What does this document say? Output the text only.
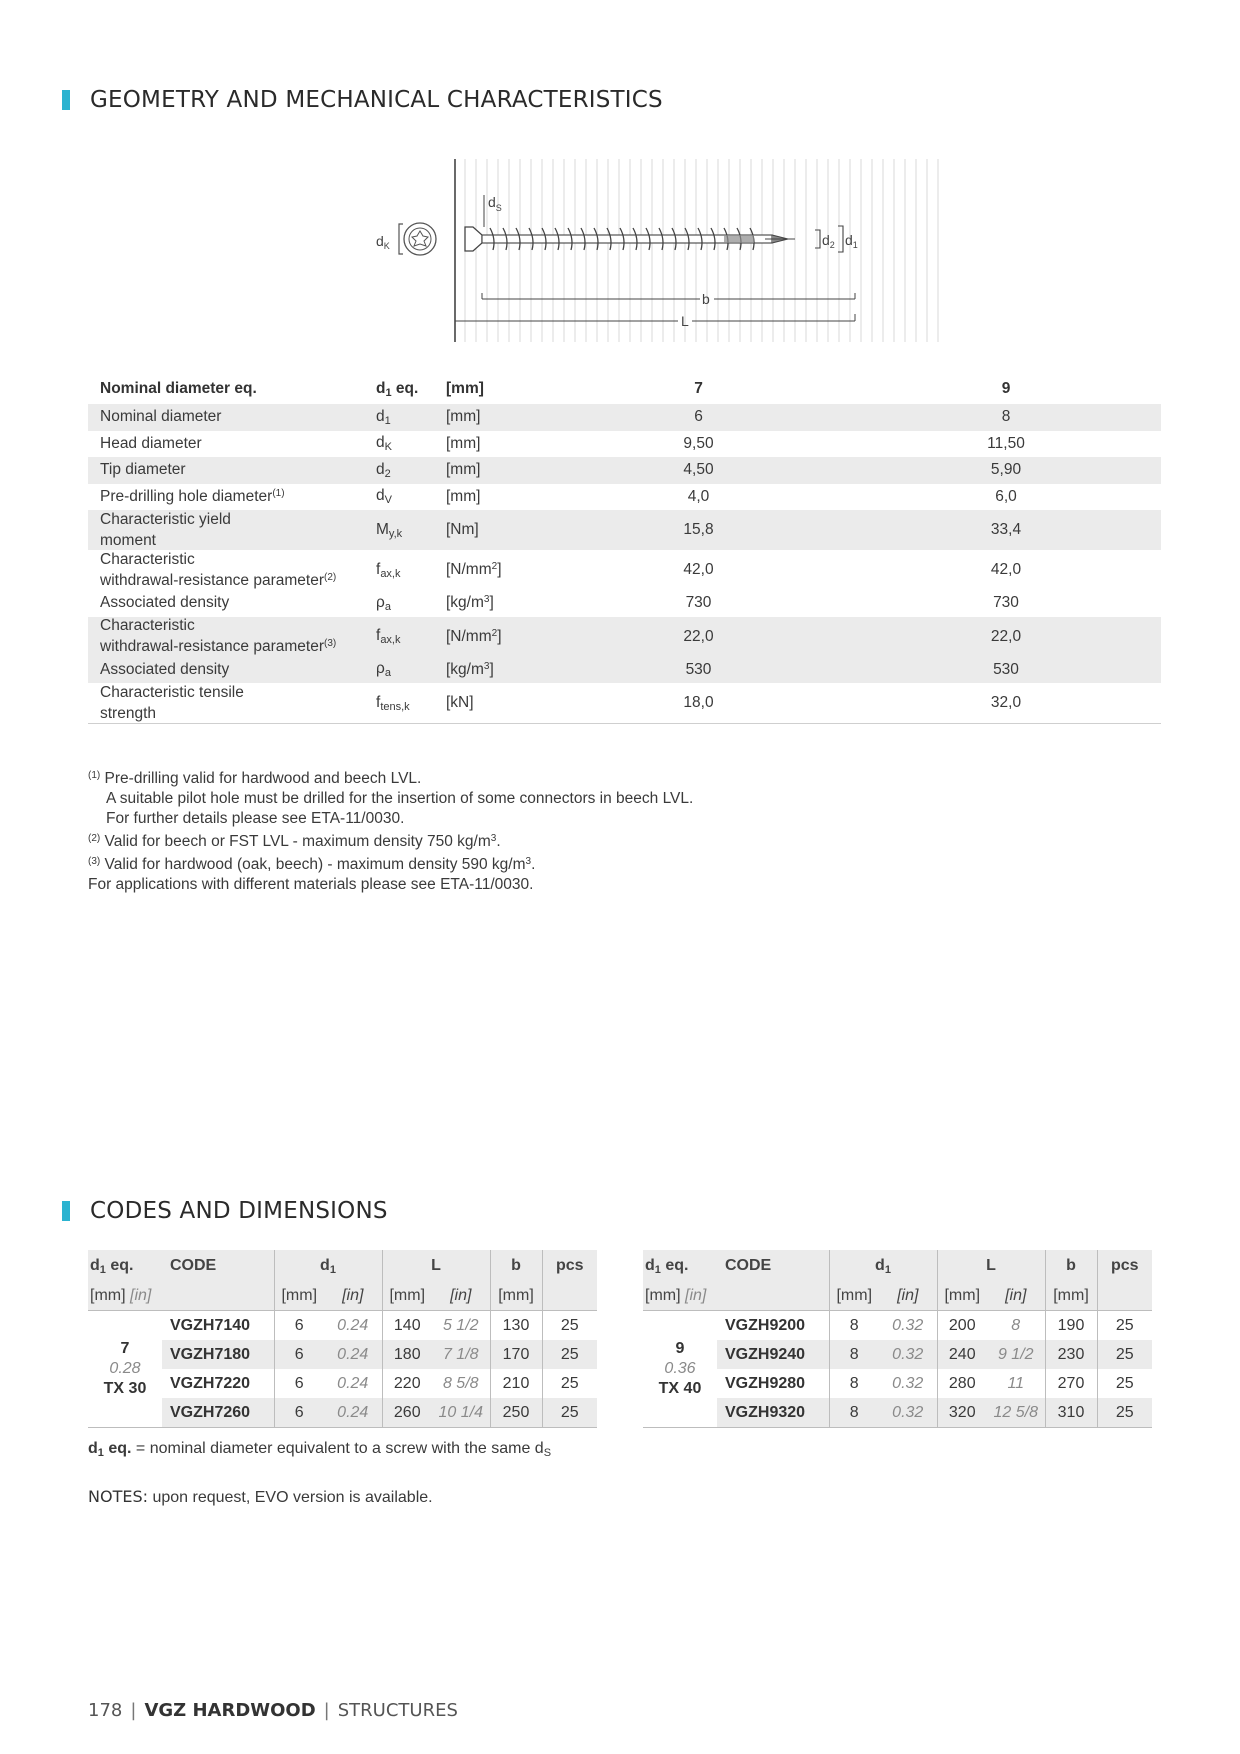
GEOMETRY AND MECHANICAL CHARACTERISTICS
$d_K$
$d_S$
$d_2$ $d_1$
b
L
Nominal diameter eq.	$d_1$ eq.	[mm]	7	9
Nominal diameter	$d_1$	[mm]	6	8
Head diameter	$d_K$	[mm]	9,50	11,50
Tip diameter	$d_2$	[mm]	4,50	5,90
Pre-drilling hole diameter$^{(1)}$	$d_V$	[mm]	4,0	6,0
Characteristic yield
moment	$M_{y,k}$	[Nm]	15,8	33,4
Characteristic
withdrawal-resistance parameter$^{(2)}$	$f_{ax,k}$	$[N/mm^2]$	42,0	42,0
Associated density	$\rho_a$	$[kg/m^3]$	730	730
Characteristic
withdrawal-resistance parameter$^{(3)}$	$f_{ax,k}$	$[N/mm^2]$	22,0	22,0
Associated density	$\rho_a$	$[kg/m^3]$	530	530
Characteristic tensile
strength	$f_{tens,k}$	[kN]	18,0	32,0
$^{(1)}$ Pre-drilling valid for hardwood and beech LVL.
A suitable pilot hole must be drilled for the insertion of some connectors in beech LVL.
For further details please see ETA-11/0030.
$^{(2)}$ Valid for beech or FST LVL - maximum density 750 $kg/m^3$.
$^{(3)}$ Valid for hardwood (oak, beech) - maximum density 590 $kg/m^3$.
For applications with different materials please see ETA-11/0030.
CODES AND DIMENSIONS
$d_1$ eq.	CODE	$d_1$		L		b	pcs
[mm] [in]		[mm]	[in]	[mm]	[in]	[mm]	

7
0.28
TX 30	VGZH7140	6	0.24	140	5 1/2	130	25
	VGZH7180	6	0.24	180	7 1/8	170	25
	VGZH7220	6	0.24	220	8 5/8	210	25
	VGZH7260	6	0.24	260	10 1/4	250	25
$d_1$ eq.	CODE	$d_1$		L		b	pcs
[mm] [in]		[mm]	[in]	[mm]	[in]	[mm]	

9
0.36
TX 40	VGZH9200	8	0.32	200	8	190	25
	VGZH9240	8	0.32	240	9 1/2	230	25
	VGZH9280	8	0.32	280	11	270	25
	VGZH9320	8	0.32	320	12 5/8	310	25
$d_1$ eq. = nominal diameter equivalent to a screw with the same $d_S$
NOTES: upon request, EVO version is available.
178 | VGZ HARDWOOD | STRUCTURES
